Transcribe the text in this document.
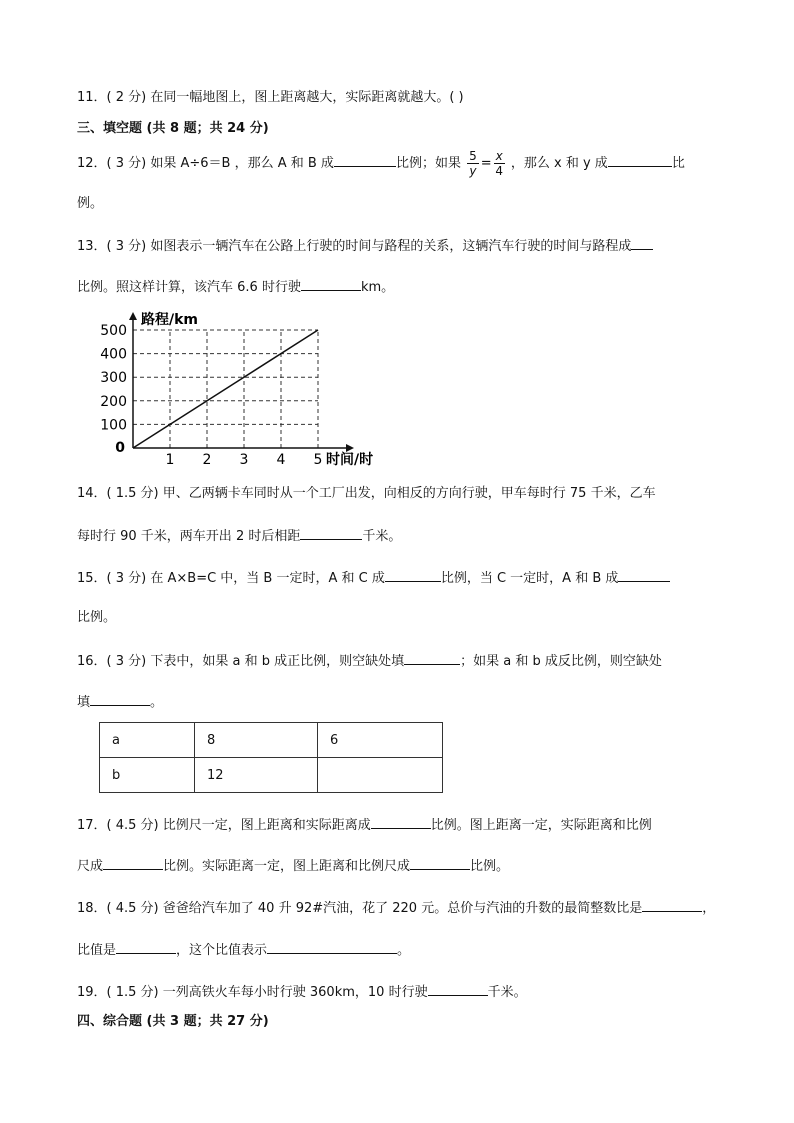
11．( 2 分) 在同一幅地图上，图上距离越大，实际距离就越大。( )
三、填空题 (共 8 题；共 24 分)
12．( 3 分) 如果 A÷6＝B ，那么 A 和 B 成	比例；如果 $\frac{5}{y} = \frac{x}{4}$ ，那么 x 和 y 成	比
例。
13．( 3 分) 如图表示一辆汽车在公路上行驶的时间与路程的关系，这辆汽车行驶的时间与路程成
比例。照这样计算，该汽车 6.6 时行驶	km。
100
200
300
400
500
1 2 3 4 5
0
路程/km
时间/时
14．( 1.5 分) 甲、乙两辆卡车同时从一个工厂出发，向相反的方向行驶，甲车每时行 75 千米，乙车
每时行 90 千米，两车开出 2 时后相距	千米。
15．( 3 分) 在 A×B=C 中，当 B 一定时，A 和 C 成	比例，当 C 一定时，A 和 B 成
比例。
16．( 3 分) 下表中，如果 a 和 b 成正比例，则空缺处填	；如果 a 和 b 成反比例，则空缺处
填	。
a	8	6
b	12	
17．( 4.5 分) 比例尺一定，图上距离和实际距离成	比例。图上距离一定，实际距离和比例
尺成	比例。实际距离一定，图上距离和比例尺成	比例。
18．( 4.5 分) 爸爸给汽车加了 40 升 92#汽油，花了 220 元。总价与汽油的升数的最简整数比是	，
比值是	，这个比值表示	。
19．( 1.5 分) 一列高铁火车每小时行驶 360km，10 时行驶	千米。
四、综合题 (共 3 题；共 27 分)
